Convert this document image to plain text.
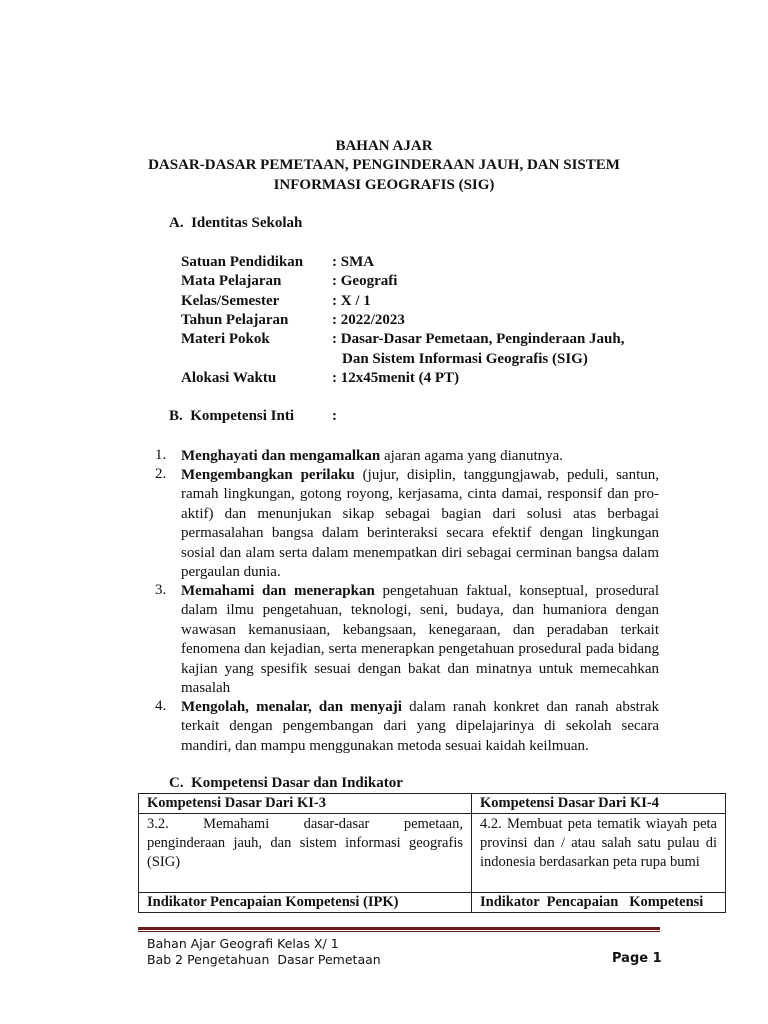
BAHAN AJAR
DASAR-DASAR PEMETAAN, PENGINDERAAN JAUH, DAN SISTEM
INFORMASI GEOGRAFIS (SIG)
A.  Identitas Sekolah
Satuan Pendidikan : SMA
Mata Pelajaran	: Geografi
Kelas/Semester	: X / 1
Tahun Pelajaran	: 2022/2023
Materi Pokok	: Dasar-Dasar Pemetaan, Penginderaan Jauh,
Dan Sistem Informasi Geografis (SIG)
Alokasi Waktu	: 12x45menit (4 PT)
B.  Kompetensi Inti	:
1. Menghayati dan mengamalkan ajaran agama yang dianutnya.
2. Mengembangkan perilaku (jujur, disiplin, tanggungjawab, peduli, santun, ramah lingkungan, gotong royong, kerjasama, cinta damai, responsif dan pro-aktif) dan menunjukan sikap sebagai bagian dari solusi atas berbagai permasalahan bangsa dalam berinteraksi secara efektif dengan lingkungan sosial dan alam serta dalam menempatkan diri sebagai cerminan bangsa dalam pergaulan dunia.
3. Memahami dan menerapkan pengetahuan faktual, konseptual, prosedural dalam ilmu pengetahuan, teknologi, seni, budaya, dan humaniora dengan wawasan kemanusiaan, kebangsaan, kenegaraan, dan peradaban terkait fenomena dan kejadian, serta menerapkan pengetahuan prosedural pada bidang kajian yang spesifik sesuai dengan bakat dan minatnya untuk memecahkan masalah
4. Mengolah, menalar, dan menyaji dalam ranah konkret dan ranah abstrak terkait dengan pengembangan dari yang dipelajarinya di sekolah secara mandiri, dan mampu menggunakan metoda sesuai kaidah keilmuan.
C.  Kompetensi Dasar dan Indikator
Kompetensi Dasar Dari KI-3	Kompetensi Dasar Dari KI-4

3.2.      Memahami      dasar-dasar      pemetaan, penginderaan jauh, dan sistem informasi geografis (SIG)	4.2. Membuat peta tematik wiayah peta provinsi dan / atau salah satu pulau di indonesia berdasarkan peta rupa bumi

Indikator Pencapaian Kompetensi (IPK)	Indikator  Pencapaian   Kompetensi
Bahan Ajar Geografi Kelas X/ 1
Bab 2 Pengetahuan  Dasar Pemetaan	Page 1
